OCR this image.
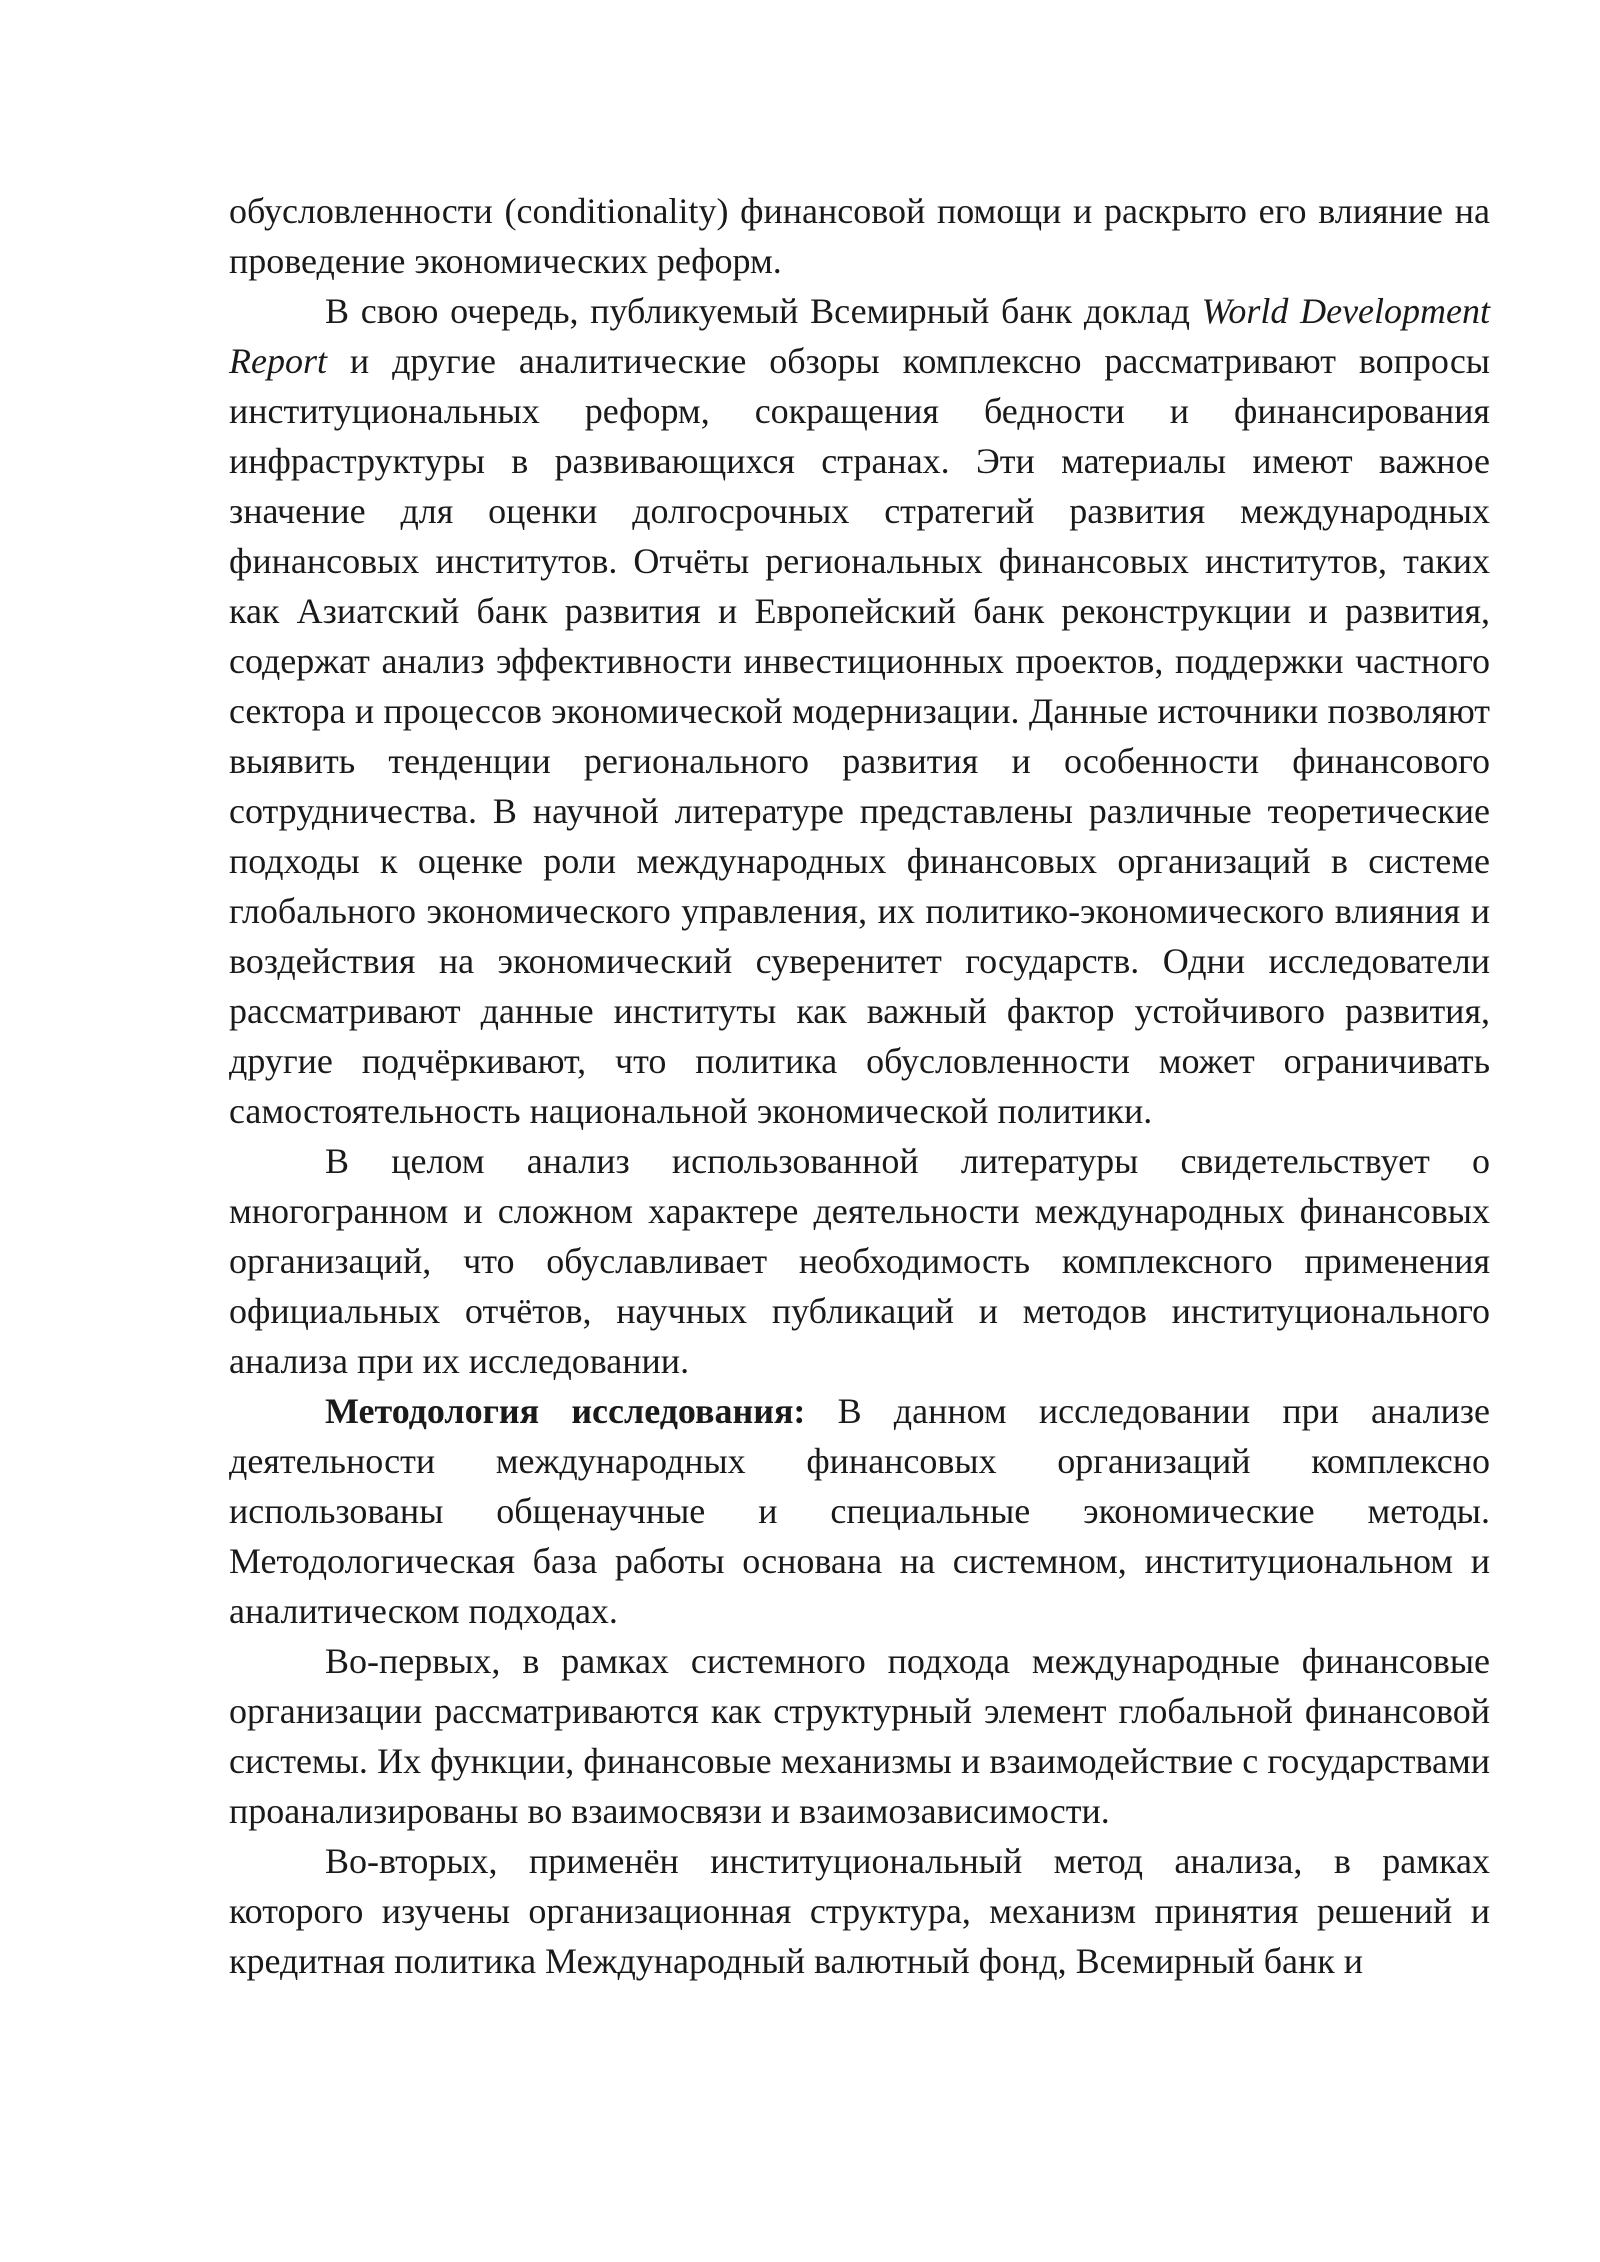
обусловленности (conditionality) финансовой помощи и раскрыто его влияние на проведение экономических реформ.

В свою очередь, публикуемый Всемирный банк доклад World Development Report и другие аналитические обзоры комплексно рассматривают вопросы институциональных реформ, сокращения бедности и финансирования инфраструктуры в развивающихся странах. Эти материалы имеют важное значение для оценки долгосрочных стратегий развития международных финансовых институтов. Отчёты региональных финансовых институтов, таких как Азиатский банк развития и Европейский банк реконструкции и развития, содержат анализ эффективности инвестиционных проектов, поддержки частного сектора и процессов экономической модернизации. Данные источники позволяют выявить тенденции регионального развития и особенности финансового сотрудничества. В научной литературе представлены различные теоретические подходы к оценке роли международных финансовых организаций в системе глобального экономического управления, их политико-экономического влияния и воздействия на экономический суверенитет государств. Одни исследователи рассматривают данные институты как важный фактор устойчивого развития, другие подчёркивают, что политика обусловленности может ограничивать самостоятельность национальной экономической политики.

В целом анализ использованной литературы свидетельствует о многогранном и сложном характере деятельности международных финансовых организаций, что обуславливает необходимость комплексного применения официальных отчётов, научных публикаций и методов институционального анализа при их исследовании.

Методология исследования: В данном исследовании при анализе деятельности международных финансовых организаций комплексно использованы общенаучные и специальные экономические методы. Методологическая база работы основана на системном, институциональном и аналитическом подходах.

Во-первых, в рамках системного подхода международные финансовые организации рассматриваются как структурный элемент глобальной финансовой системы. Их функции, финансовые механизмы и взаимодействие с государствами проанализированы во взаимосвязи и взаимозависимости.

Во-вторых, применён институциональный метод анализа, в рамках которого изучены организационная структура, механизм принятия решений и кредитная политика Международный валютный фонд, Всемирный банк и
